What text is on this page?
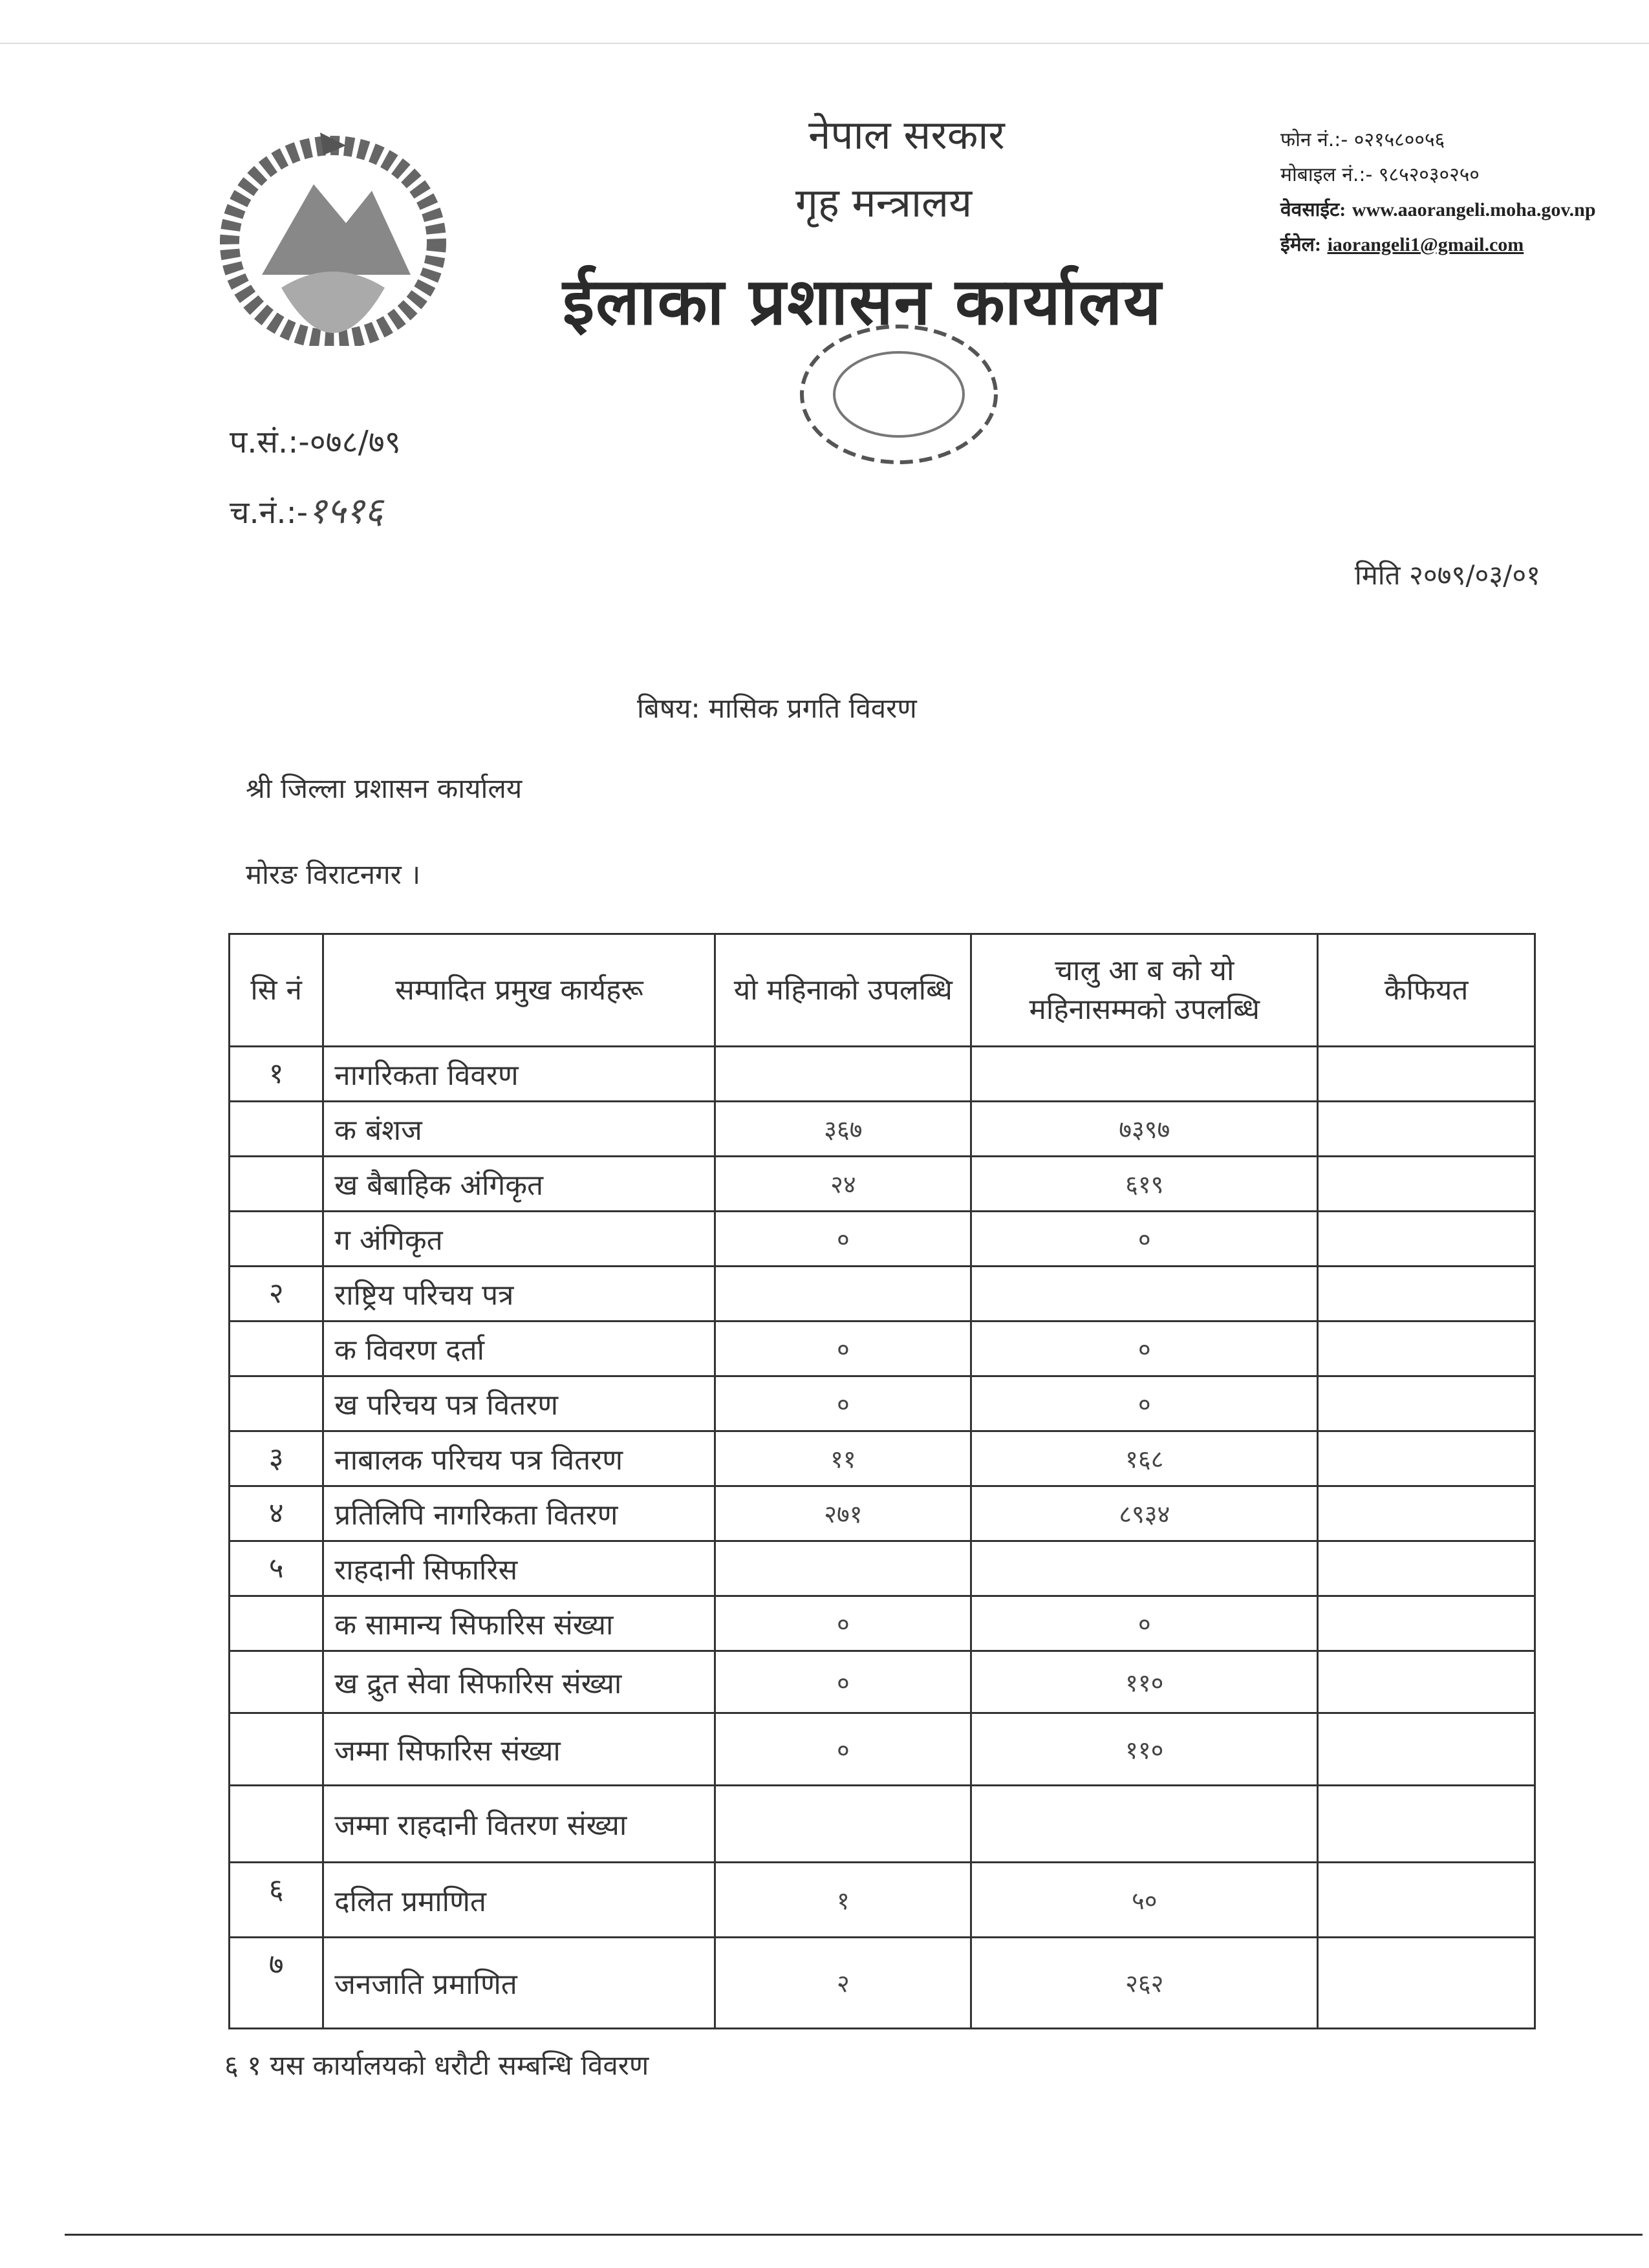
नेपाल सरकार
गृह मन्त्रालय
ईलाका प्रशासन कार्यालय
फोन नं.:- ०२१५८००५६
मोबाइल नं.:- ९८५२०३०२५०
वेवसाईट: www.aaorangeli.moha.gov.np
ईमेल: iaorangeli1@gmail.com
प.सं.:-०७८/७९
च.नं.:-१५१६
मिति २०७९/०३/०१
बिषय: मासिक प्रगति विवरण
श्री जिल्ला प्रशासन कार्यालय
मोरङ विराटनगर ।
सि नं	सम्पादित प्रमुख कार्यहरू	यो महिनाको उपलब्धि	चालु आ ब को यो महिनासम्मको उपलब्धि	कैफियत
१	नागरिकता विवरण			
	क बंशज	३६७	७३९७	
	ख बैबाहिक अंगिकृत	२४	६१९	
	ग अंगिकृत	०	०	
२	राष्ट्रिय परिचय पत्र			
	क विवरण दर्ता	०	०	
	ख परिचय पत्र वितरण	०	०	
३	नाबालक परिचय पत्र वितरण	११	१६८	
४	प्रतिलिपि नागरिकता वितरण	२७१	८९३४	
५	राहदानी सिफारिस			
	क सामान्य सिफारिस संख्या	०	०	
	ख द्रुत सेवा सिफारिस संख्या	०	११०	
	जम्मा सिफारिस संख्या	०	११०	
	जम्मा राहदानी वितरण संख्या			
६	दलित प्रमाणित	१	५०	
७	जनजाति प्रमाणित	२	२६२	
६ १ यस कार्यालयको धरौटी सम्बन्धि विवरण
